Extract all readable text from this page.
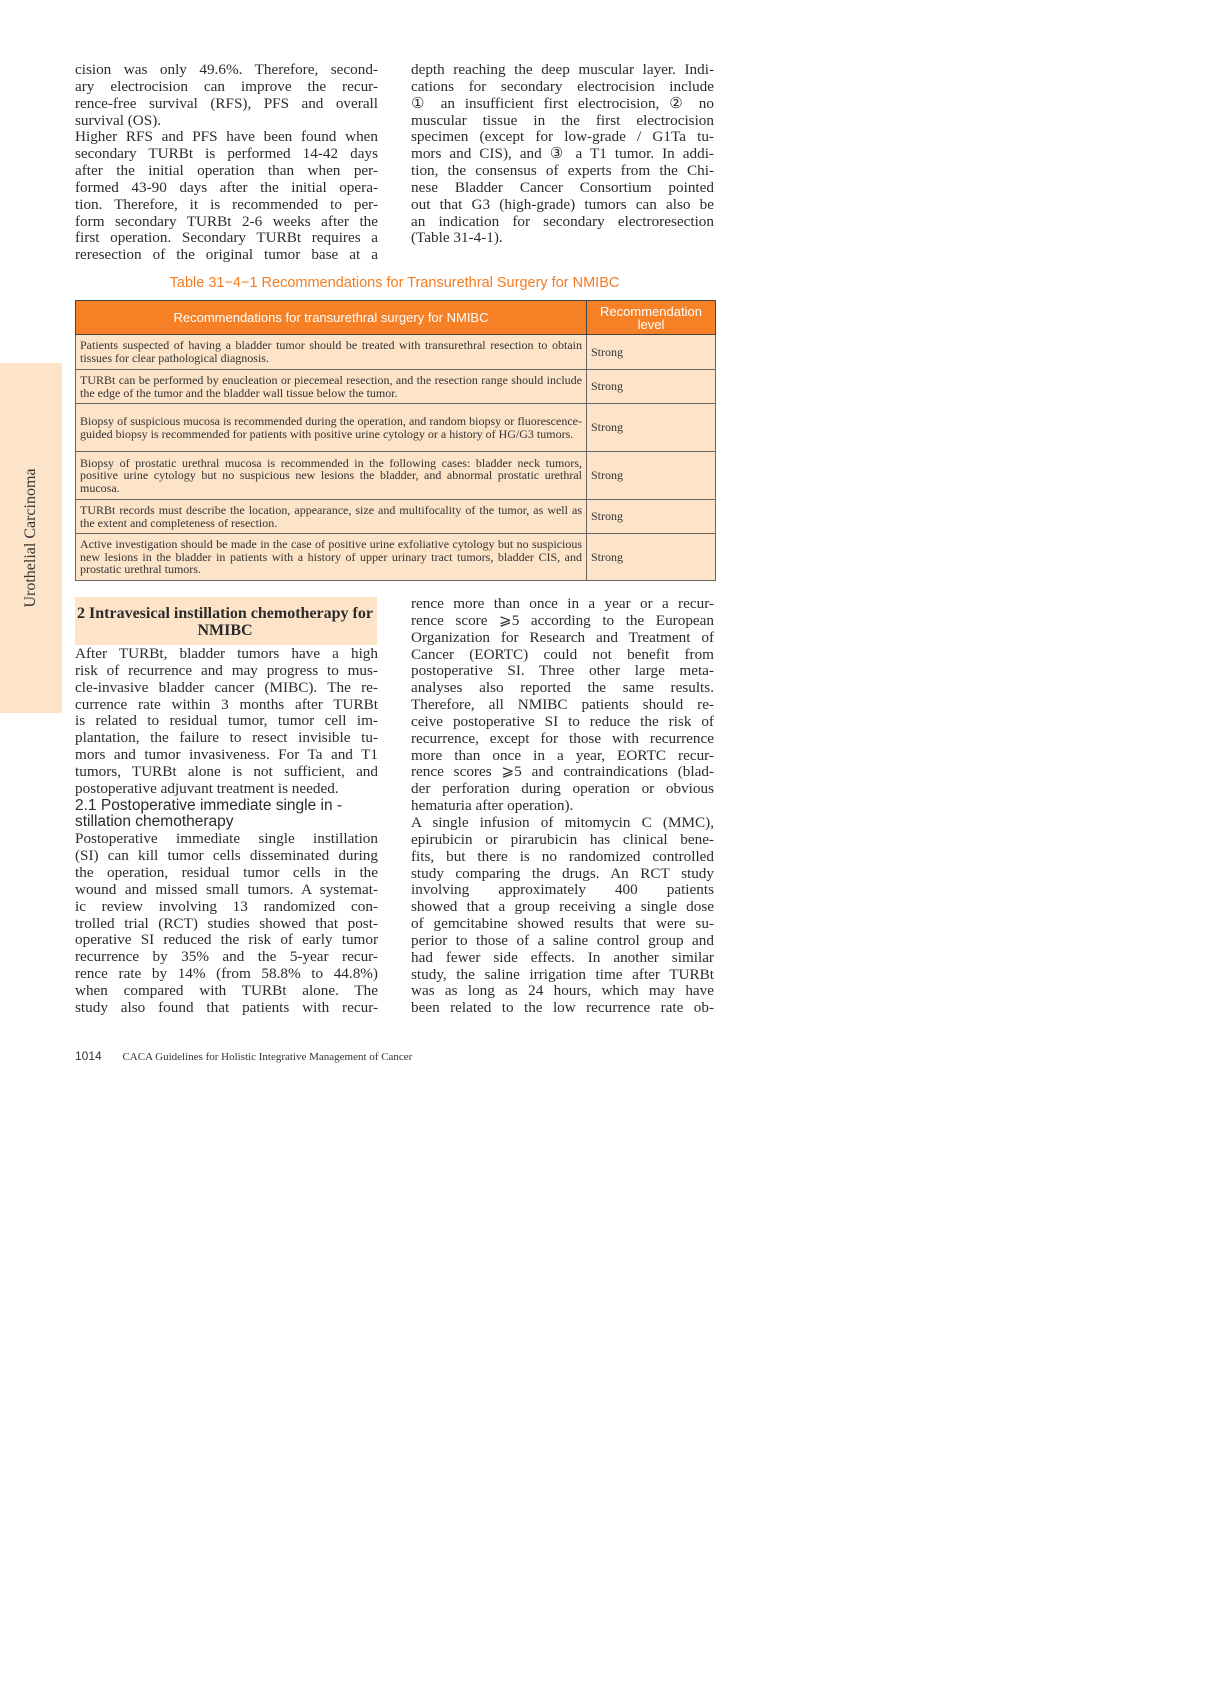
Urothelial Carcinoma
cision was only 49.6%. Therefore, second-
ary electrocision can improve the recur-
rence-free survival (RFS), PFS and overall
survival (OS).
Higher RFS and PFS have been found when
secondary TURBt is performed 14-42 days
after the initial operation than when per-
formed 43-90 days after the initial opera-
tion. Therefore, it is recommended to per-
form secondary TURBt 2-6 weeks after the
first operation. Secondary TURBt requires a
reresection of the original tumor base at a
depth reaching the deep muscular layer. Indi-
cations for secondary electrocision include
① an insufficient first electrocision, ② no
muscular tissue in the first electrocision
specimen (except for low-grade / G1Ta tu-
mors and CIS), and ③ a T1 tumor. In addi-
tion, the consensus of experts from the Chi-
nese Bladder Cancer Consortium pointed
out that G3 (high-grade) tumors can also be
an indication for secondary electroresection
(Table 31-4-1).
Table 31−4−1 Recommendations for Transurethral Surgery for NMIBC
Recommendations for transurethral surgery for NMIBC	Recommendation level
Patients suspected of having a bladder tumor should be treated with transurethral resection to obtain tissues for clear pathological diagnosis.	Strong
TURBt can be performed by enucleation or piecemeal resection, and the resection range should include the edge of the tumor and the bladder wall tissue below the tumor.	Strong
Biopsy of suspicious mucosa is recommended during the operation, and random biopsy or fluorescence-guided biopsy is recommended for patients with positive urine cytology or a history of HG/G3 tumors.	Strong
Biopsy of prostatic urethral mucosa is recommended in the following cases: bladder neck tumors, positive urine cytology but no suspicious new lesions the bladder, and abnormal prostatic urethral mucosa.	Strong
TURBt records must describe the location, appearance, size and multifocality of the tumor, as well as the extent and completeness of resection.	Strong
Active investigation should be made in the case of positive urine exfoliative cytology but no suspicious new lesions in the bladder in patients with a history of upper urinary tract tumors, bladder CIS, and prostatic urethral tumors.	Strong
2 Intravesical instillation chemotherapy for NMIBC
After TURBt, bladder tumors have a high
risk of recurrence and may progress to mus-
cle-invasive bladder cancer (MIBC). The re-
currence rate within 3 months after TURBt
is related to residual tumor, tumor cell im-
plantation, the failure to resect invisible tu-
mors and tumor invasiveness. For Ta and T1
tumors, TURBt alone is not sufficient, and
postoperative adjuvant treatment is needed.
2.1 Postoperative immediate single in -
stillation chemotherapy
Postoperative immediate single instillation
(SI) can kill tumor cells disseminated during
the operation, residual tumor cells in the
wound and missed small tumors. A systemat-
ic review involving 13 randomized con-
trolled trial (RCT) studies showed that post-
operative SI reduced the risk of early tumor
recurrence by 35% and the 5-year recur-
rence rate by 14% (from 58.8% to 44.8%)
when compared with TURBt alone. The
study also found that patients with recur-
rence more than once in a year or a recur-
rence score ⩾5 according to the European
Organization for Research and Treatment of
Cancer (EORTC) could not benefit from
postoperative SI. Three other large meta-
analyses also reported the same results.
Therefore, all NMIBC patients should re-
ceive postoperative SI to reduce the risk of
recurrence, except for those with recurrence
more than once in a year, EORTC recur-
rence scores ⩾5 and contraindications (blad-
der perforation during operation or obvious
hematuria after operation).
A single infusion of mitomycin C (MMC),
epirubicin or pirarubicin has clinical bene-
fits, but there is no randomized controlled
study comparing the drugs. An RCT study
involving approximately 400 patients
showed that a group receiving a single dose
of gemcitabine showed results that were su-
perior to those of a saline control group and
had fewer side effects. In another similar
study, the saline irrigation time after TURBt
was as long as 24 hours, which may have
been related to the low recurrence rate ob-
1014 CACA Guidelines for Holistic Integrative Management of Cancer
